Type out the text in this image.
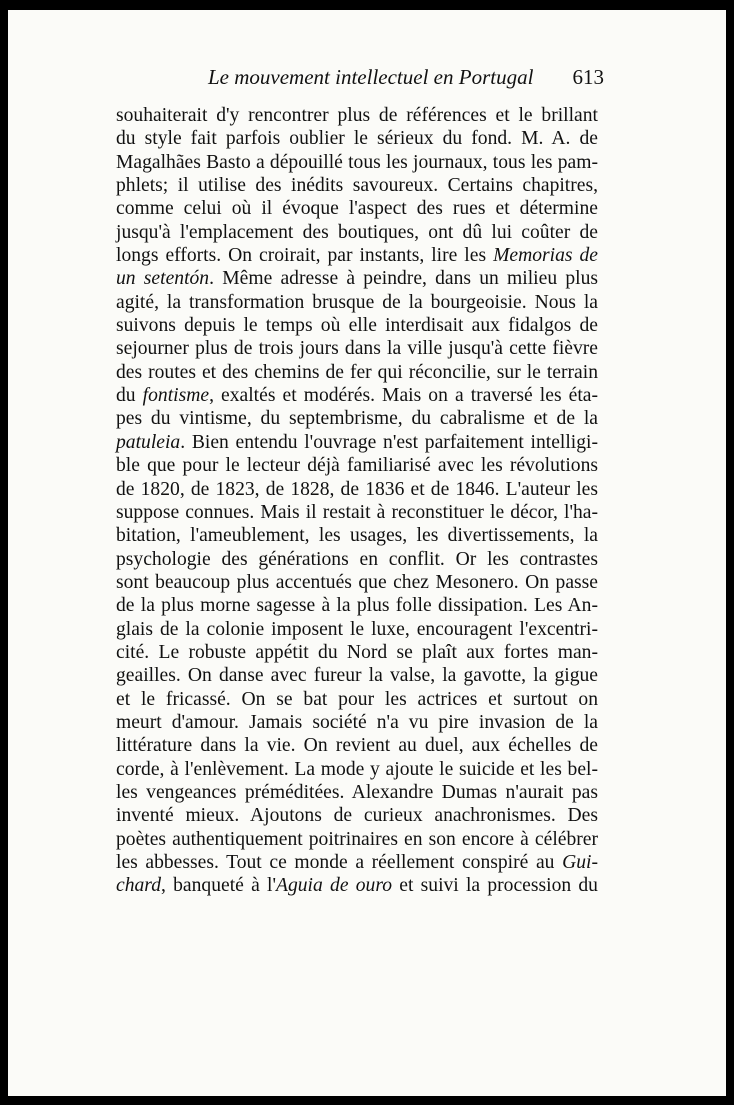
Le mouvement intellectuel en Portugal 613
souhaiterait d'y rencontrer plus de références et le brillant
du style fait parfois oublier le sérieux du fond. M. A. de
Magalhães Basto a dépouillé tous les journaux, tous les pam-
phlets; il utilise des inédits savoureux. Certains chapitres,
comme celui où il évoque l'aspect des rues et détermine
jusqu'à l'emplacement des boutiques, ont dû lui coûter de
longs efforts. On croirait, par instants, lire les Memorias de
un setentón. Même adresse à peindre, dans un milieu plus
agité, la transformation brusque de la bourgeoisie. Nous la
suivons depuis le temps où elle interdisait aux fidalgos de
sejourner plus de trois jours dans la ville jusqu'à cette fièvre
des routes et des chemins de fer qui réconcilie, sur le terrain
du fontisme, exaltés et modérés. Mais on a traversé les éta-
pes du vintisme, du septembrisme, du cabralisme et de la
patuleia. Bien entendu l'ouvrage n'est parfaitement intelligi-
ble que pour le lecteur déjà familiarisé avec les révolutions
de 1820, de 1823, de 1828, de 1836 et de 1846. L'auteur les
suppose connues. Mais il restait à reconstituer le décor, l'ha-
bitation, l'ameublement, les usages, les divertissements, la
psychologie des générations en conflit. Or les contrastes
sont beaucoup plus accentués que chez Mesonero. On passe
de la plus morne sagesse à la plus folle dissipation. Les An-
glais de la colonie imposent le luxe, encouragent l'excentri-
cité. Le robuste appétit du Nord se plaît aux fortes man-
geailles. On danse avec fureur la valse, la gavotte, la gigue
et le fricassé. On se bat pour les actrices et surtout on
meurt d'amour. Jamais société n'a vu pire invasion de la
littérature dans la vie. On revient au duel, aux échelles de
corde, à l'enlèvement. La mode y ajoute le suicide et les bel-
les vengeances préméditées. Alexandre Dumas n'aurait pas
inventé mieux. Ajoutons de curieux anachronismes. Des
poètes authentiquement poitrinaires en son encore à célébrer
les abbesses. Tout ce monde a réellement conspiré au Gui-
chard, banqueté à l'Aguia de ouro et suivi la procession du
